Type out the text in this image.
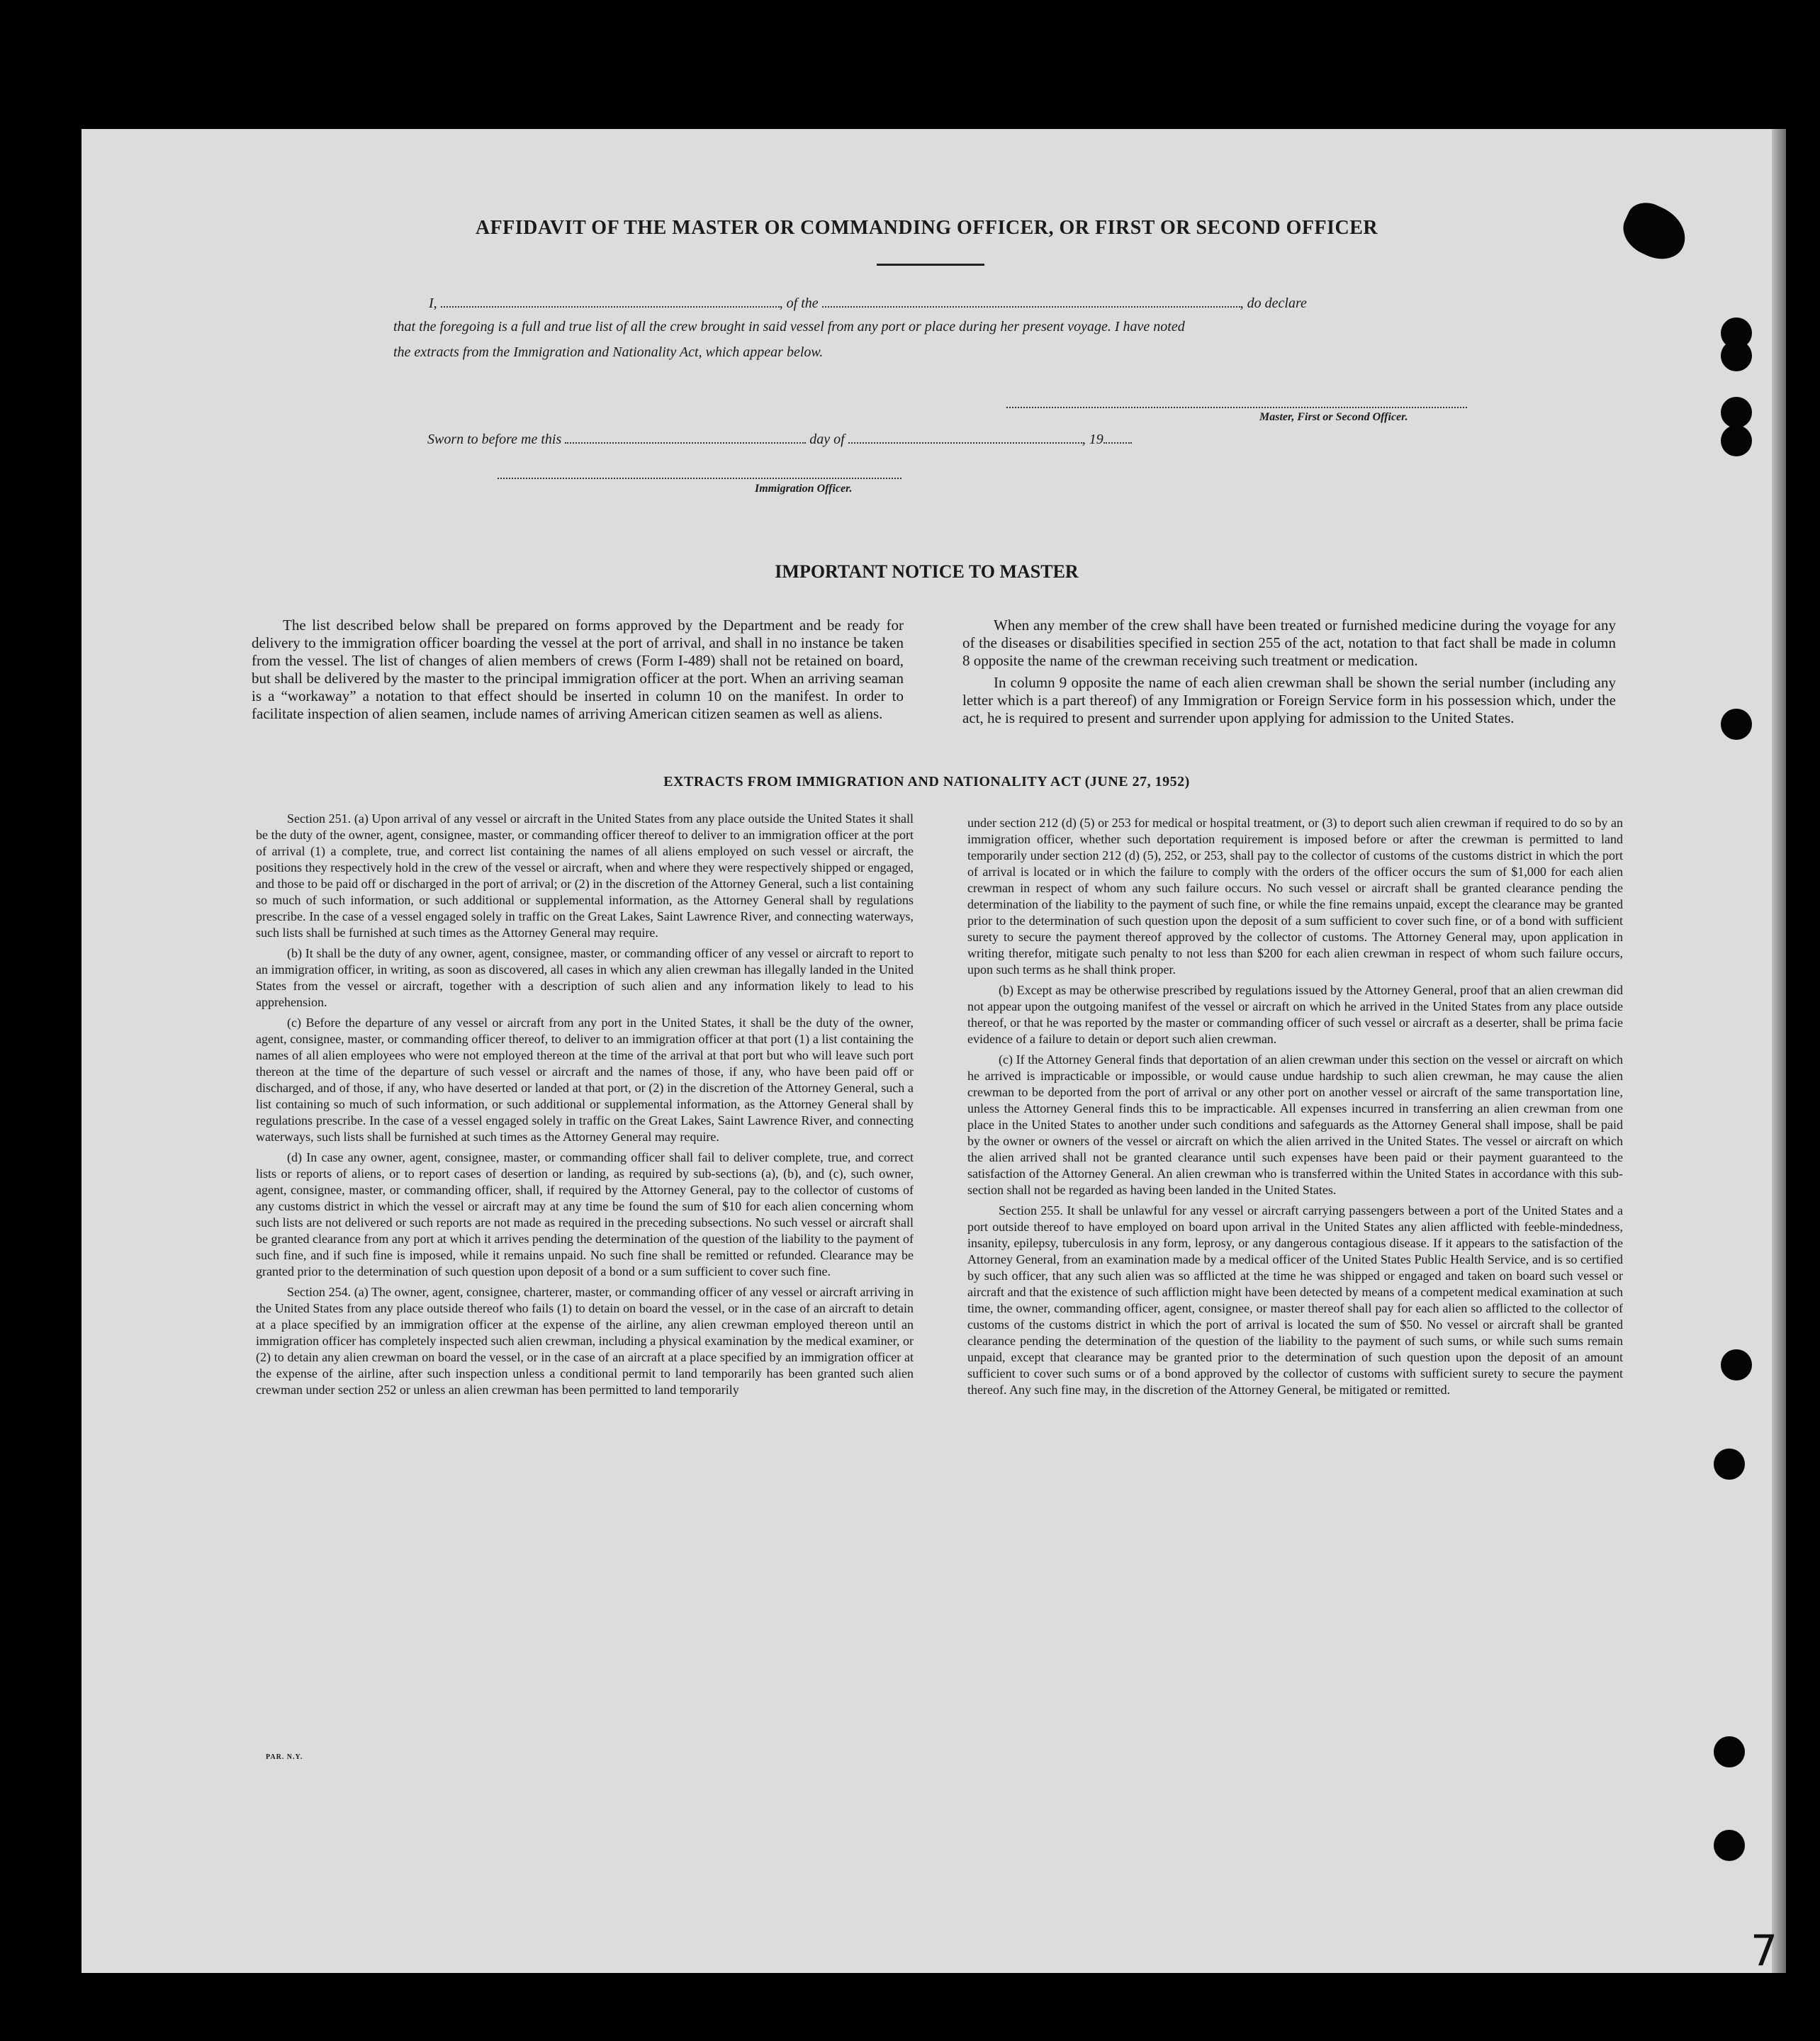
AFFIDAVIT OF THE MASTER OR COMMANDING OFFICER, OR FIRST OR SECOND OFFICER
I,	, of the	, do declare
that the foregoing is a full and true list of all the crew brought in said vessel from any port or place during her present voyage. I have noted
the extracts from the Immigration and Nationality Act, which appear below.
Master, First or Second Officer.
Sworn to before me this	day of	, 19
Immigration Officer.
IMPORTANT NOTICE TO MASTER

The list described below shall be prepared on forms approved by the Department and be ready for delivery to the immigration officer boarding the vessel at the port of arrival, and shall in no instance be taken from the vessel. The list of changes of alien members of crews (Form I-489) shall not be retained on board, but shall be delivered by the master to the principal immigration officer at the port. When an arriving seaman is a “workaway” a notation to that effect should be inserted in column 10 on the manifest. In order to facilitate inspection of alien seamen, include names of arriving American citizen seamen as well as aliens.

When any member of the crew shall have been treated or furnished medicine during the voyage for any of the diseases or disabilities specified in section 255 of the act, notation to that fact shall be made in column 8 opposite the name of the crewman receiving such treatment or medication.

In column 9 opposite the name of each alien crewman shall be shown the serial number (including any letter which is a part thereof) of any Immigration or Foreign Service form in his possession which, under the act, he is required to present and surrender upon applying for admission to the United States.

EXTRACTS FROM IMMIGRATION AND NATIONALITY ACT (JUNE 27, 1952)

Section 251. (a) Upon arrival of any vessel or aircraft in the United States from any place outside the United States it shall be the duty of the owner, agent, consignee, master, or commanding officer thereof to deliver to an immigration officer at the port of arrival (1) a complete, true, and correct list containing the names of all aliens employed on such vessel or aircraft, the positions they respectively hold in the crew of the vessel or aircraft, when and where they were respectively shipped or engaged, and those to be paid off or discharged in the port of arrival; or (2) in the discretion of the Attorney General, such a list containing so much of such information, or such additional or supplemental information, as the Attorney General shall by regulations prescribe. In the case of a vessel engaged solely in traffic on the Great Lakes, Saint Lawrence River, and connecting waterways, such lists shall be furnished at such times as the Attorney General may require.

(b) It shall be the duty of any owner, agent, consignee, master, or commanding officer of any vessel or aircraft to report to an immigration officer, in writing, as soon as discovered, all cases in which any alien crewman has illegally landed in the United States from the vessel or aircraft, together with a description of such alien and any information likely to lead to his apprehension.

(c) Before the departure of any vessel or aircraft from any port in the United States, it shall be the duty of the owner, agent, consignee, master, or commanding officer thereof, to deliver to an immigration officer at that port (1) a list containing the names of all alien employees who were not employed thereon at the time of the arrival at that port but who will leave such port thereon at the time of the departure of such vessel or aircraft and the names of those, if any, who have been paid off or discharged, and of those, if any, who have deserted or landed at that port, or (2) in the discretion of the Attorney General, such a list containing so much of such information, or such additional or supplemental information, as the Attorney General shall by regulations prescribe. In the case of a vessel engaged solely in traffic on the Great Lakes, Saint Lawrence River, and connecting waterways, such lists shall be furnished at such times as the Attorney General may require.

(d) In case any owner, agent, consignee, master, or commanding officer shall fail to deliver complete, true, and correct lists or reports of aliens, or to report cases of desertion or landing, as required by sub-sections (a), (b), and (c), such owner, agent, consignee, master, or commanding officer, shall, if required by the Attorney General, pay to the collector of customs of any customs district in which the vessel or aircraft may at any time be found the sum of $10 for each alien concerning whom such lists are not delivered or such reports are not made as required in the preceding subsections. No such vessel or aircraft shall be granted clearance from any port at which it arrives pending the determination of the question of the liability to the payment of such fine, and if such fine is imposed, while it remains unpaid. No such fine shall be remitted or refunded. Clearance may be granted prior to the determination of such question upon deposit of a bond or a sum sufficient to cover such fine.

Section 254. (a) The owner, agent, consignee, charterer, master, or commanding officer of any vessel or aircraft arriving in the United States from any place outside thereof who fails (1) to detain on board the vessel, or in the case of an aircraft to detain at a place specified by an immigration officer at the expense of the airline, any alien crewman employed thereon until an immigration officer has completely inspected such alien crewman, including a physical examination by the medical examiner, or (2) to detain any alien crewman on board the vessel, or in the case of an aircraft at a place specified by an immigration officer at the expense of the airline, after such inspection unless a conditional permit to land temporarily has been granted such alien crewman under section 252 or unless an alien crewman has been permitted to land temporarily

under section 212 (d) (5) or 253 for medical or hospital treatment, or (3) to deport such alien crewman if required to do so by an immigration officer, whether such deportation requirement is imposed before or after the crewman is permitted to land temporarily under section 212 (d) (5), 252, or 253, shall pay to the collector of customs of the customs district in which the port of arrival is located or in which the failure to comply with the orders of the officer occurs the sum of $1,000 for each alien crewman in respect of whom any such failure occurs. No such vessel or aircraft shall be granted clearance pending the determination of the liability to the payment of such fine, or while the fine remains unpaid, except the clearance may be granted prior to the determination of such question upon the deposit of a sum sufficient to cover such fine, or of a bond with sufficient surety to secure the payment thereof approved by the collector of customs. The Attorney General may, upon application in writing therefor, mitigate such penalty to not less than $200 for each alien crewman in respect of whom such failure occurs, upon such terms as he shall think proper.

(b) Except as may be otherwise prescribed by regulations issued by the Attorney General, proof that an alien crewman did not appear upon the outgoing manifest of the vessel or aircraft on which he arrived in the United States from any place outside thereof, or that he was reported by the master or commanding officer of such vessel or aircraft as a deserter, shall be prima facie evidence of a failure to detain or deport such alien crewman.

(c) If the Attorney General finds that deportation of an alien crewman under this section on the vessel or aircraft on which he arrived is impracticable or impossible, or would cause undue hardship to such alien crewman, he may cause the alien crewman to be deported from the port of arrival or any other port on another vessel or aircraft of the same transportation line, unless the Attorney General finds this to be impracticable. All expenses incurred in transferring an alien crewman from one place in the United States to another under such conditions and safeguards as the Attorney General shall impose, shall be paid by the owner or owners of the vessel or aircraft on which the alien arrived in the United States. The vessel or aircraft on which the alien arrived shall not be granted clearance until such expenses have been paid or their payment guaranteed to the satisfaction of the Attorney General. An alien crewman who is transferred within the United States in accordance with this sub-section shall not be regarded as having been landed in the United States.

Section 255. It shall be unlawful for any vessel or aircraft carrying passengers between a port of the United States and a port outside thereof to have employed on board upon arrival in the United States any alien afflicted with feeble-mindedness, insanity, epilepsy, tuberculosis in any form, leprosy, or any dangerous contagious disease. If it appears to the satisfaction of the Attorney General, from an examination made by a medical officer of the United States Public Health Service, and is so certified by such officer, that any such alien was so afflicted at the time he was shipped or engaged and taken on board such vessel or aircraft and that the existence of such affliction might have been detected by means of a competent medical examination at such time, the owner, commanding officer, agent, consignee, or master thereof shall pay for each alien so afflicted to the collector of customs of the customs district in which the port of arrival is located the sum of $50. No vessel or aircraft shall be granted clearance pending the determination of the question of the liability to the payment of such sums, or while such sums remain unpaid, except that clearance may be granted prior to the determination of such question upon the deposit of an amount sufficient to cover such sums or of a bond approved by the collector of customs with sufficient surety to secure the payment thereof. Any such fine may, in the discretion of the Attorney General, be mitigated or remitted.

PAR. N.Y.
7
